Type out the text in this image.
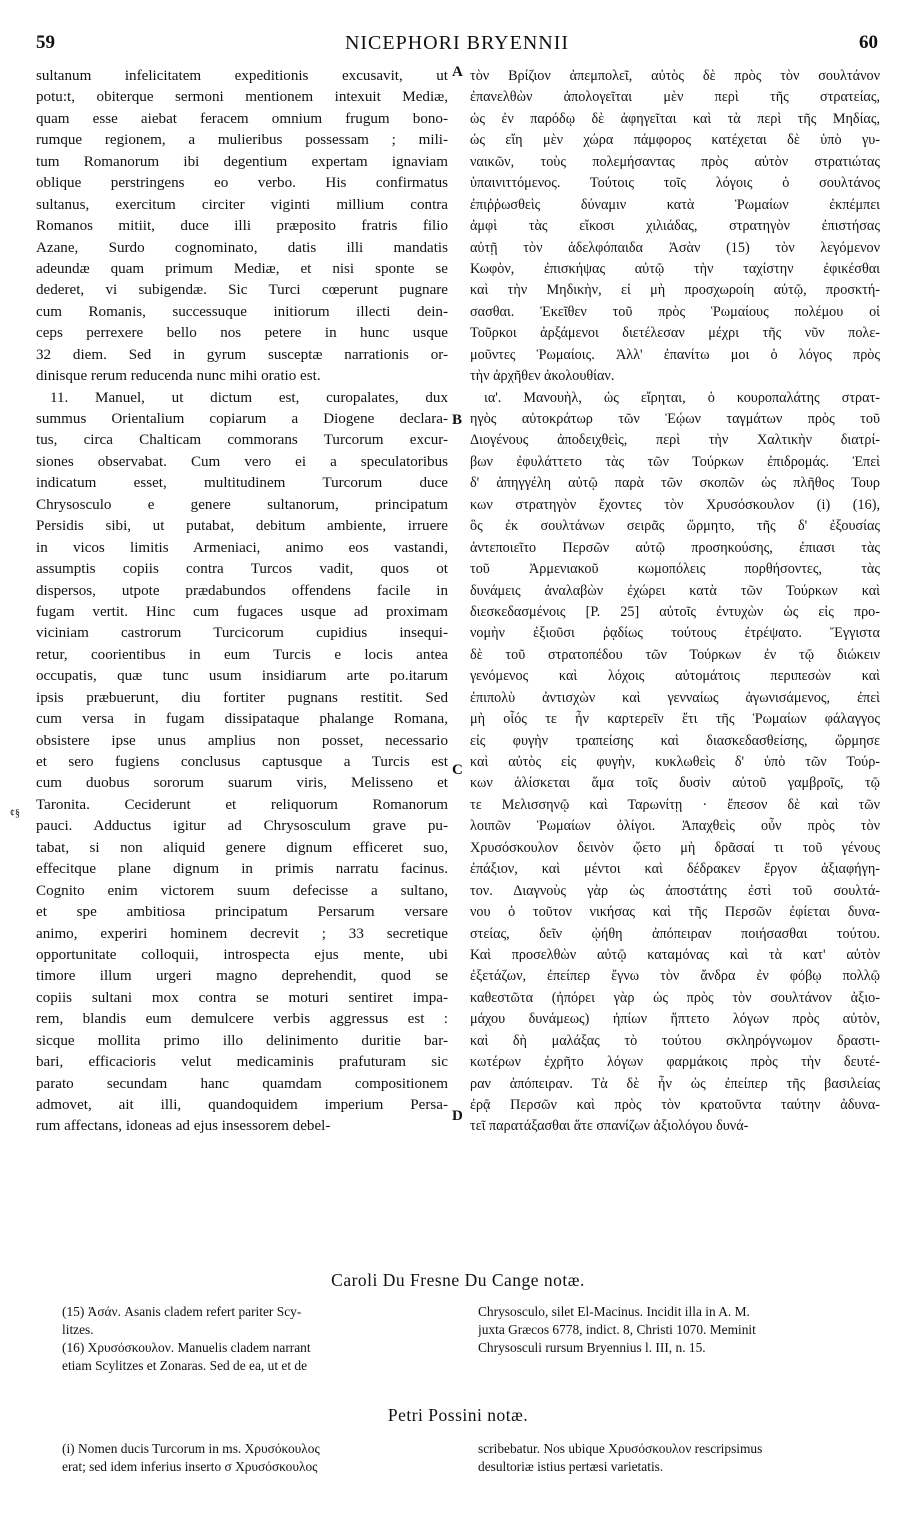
59	NICEPHORI BRYENNII	60
sultanum infelicitatem expeditionis excusavit, ut
potu:t, obiterque sermoni mentionem intexuit Mediæ,
quam esse aiebat feracem omnium frugum bono-
rumque regionem, a mulieribus possessam ; mili-
tum Romanorum ibi degentium expertam ignaviam
oblique perstringens eo verbo. His confirmatus
sultanus, exercitum circiter viginti millium contra
Romanos mitiit, duce illi præposito fratris filio
Azane, Surdo cognominato, datis illi mandatis
adeundæ quam primum Mediæ, et nisi sponte se
dederet, vi subigendæ. Sic Turci cœperunt pugnare
cum Romanis, successuque initiorum illecti dein-
ceps perrexere bello nos petere in hunc usque
32 diem. Sed in gyrum susceptæ narrationis or-
dinisque rerum reducenda nunc mihi oratio est.
11. Manuel, ut dictum est, curopalates, dux
summus Orientalium copiarum a Diogene declara-
tus, circa Chalticam commorans Turcorum excur-
siones observabat. Cum vero ei a speculatoribus
indicatum esset, multitudinem Turcorum duce
Chrysosculo e genere sultanorum, principatum
Persidis sibi, ut putabat, debitum ambiente, irruere
in vicos limitis Armeniaci, animo eos vastandi,
assumptis copiis contra Turcos vadit, quos ot
dispersos, utpote prædabundos offendens facile in
fugam vertit. Hinc cum fugaces usque ad proximam
viciniam castrorum Turcicorum cupidius insequi-
retur, coorientibus in eum Turcis e locis antea
occupatis, quæ tunc usum insidiarum arte po.itarum
ipsis præbuerunt, diu fortiter pugnans restitit. Sed
cum versa in fugam dissipataque phalange Romana,
obsistere ipse unus amplius non posset, necessario
et sero fugiens conclusus captusque a Turcis est
cum duobus sororum suarum viris, Melisseno et
Taronita. Ceciderunt et reliquorum Romanorum
pauci. Adductus igitur ad Chrysosculum grave pu-
tabat, si non aliquid genere dignum efficeret suo,
effecitque plane dignum in primis narratu facinus.
Cognito enim victorem suum defecisse a sultano,
et spe ambitiosa principatum Persarum versare
animo, experiri hominem decrevit ; 33 secretique
opportunitate colloquii, introspecta ejus mente, ubi
timore illum urgeri magno deprehendit, quod se
copiis sultani mox contra se moturi sentiret impa-
rem, blandis eum demulcere verbis aggressus est :
sicque mollita primo illo delinimento duritie bar-
bari, efficacioris velut medicaminis prafuturam sic
parato secundam hanc quamdam compositionem
admovet, ait illi, quandoquidem imperium Persa-
rum affectans, idoneas ad ejus insessorem debel-
τὸν Βρίζιον ἀπεμπολεῖ, αὐτὸς δὲ πρὸς τὸν σουλτάνον
ἐπανελθὼν ἀπολογεῖται μὲν περὶ τῆς στρατείας,
ὡς ἐν παρόδῳ δὲ ἀφηγεῖται καὶ τὰ περὶ τῆς Μηδίας,
ὡς εἴη μὲν χώρα πάμφορος κατέχεται δὲ ὑπὸ γυ-
ναικῶν, τοὺς πολεμήσαντας πρὸς αὐτὸν στρατιώτας
ὑπαινιττόμενος. Τούτοις τοῖς λόγοις ὁ σουλτάνος
ἐπιῤῥωσθεὶς δύναμιν κατὰ Ῥωμαίων ἐκπέμπει
ἀμφὶ τὰς εἴκοσι χιλιάδας, στρατηγὸν ἐπιστήσας
αὐτῇ τὸν ἀδελφόπαιδα Ἀσὰν (15) τὸν λεγόμενον
Κωφὸν, ἐπισκήψας αὐτῷ τὴν ταχίστην ἐφικέσθαι
καὶ τὴν Μηδικὴν, εἰ μὴ προσχωροίη αὐτῷ, προσκτή-
σασθαι. Ἐκεῖθεν τοῦ πρὸς Ῥωμαίους πολέμου οἱ
Τοῦρκοι ἀρξάμενοι διετέλεσαν μέχρι τῆς νῦν πολε-
μοῦντες Ῥωμαίοις. Ἀλλ' ἐπανίτω μοι ὁ λόγος πρὸς
τὴν ἀρχῆθεν ἀκολουθίαν.
ια'. Μανουὴλ, ὡς εἴρηται, ὁ κουροπαλάτης στρατ-
ηγὸς αὐτοκράτωρ τῶν Ἑῴων ταγμάτων πρὸς τοῦ
Διογένους ἀποδειχθεὶς, περὶ τὴν Χαλτικὴν διατρί-
βων ἐφυλάττετο τὰς τῶν Τούρκων ἐπιδρομάς. Ἐπεὶ
δ' ἀπηγγέλη αὐτῷ παρὰ τῶν σκοπῶν ὡς πλῆθος Τουρ
κων στρατηγὸν ἔχοντες τὸν Χρυσόσκουλον (i) (16),
ὃς ἐκ σουλτάνων σειρᾶς ὥρμητο, τῆς δ' ἐξουσίας
ἀντεποιεῖτο Περσῶν αὐτῷ προσηκούσης, ἐπιασι τὰς
τοῦ Ἀρμενιακοῦ κωμοπόλεις πορθήσοντες, τὰς
δυνάμεις ἀναλαβὼν ἐχώρει κατὰ τῶν Τούρκων καὶ
διεσκεδασμένοις [P. 25] αὐτοῖς ἐντυχὼν ὡς εἰς προ-
νομὴν ἐξιοῦσι ῥᾳδίως τούτους ἐτρέψατο. Ἔγγιστα
δὲ τοῦ στρατοπέδου τῶν Τούρκων ἐν τῷ διώκειν
γενόμενος καὶ λόχοις αὐτομάτοις περιπεσὼν καὶ
ἐπιπολὺ ἀντισχὼν καὶ γενναίως ἀγωνισάμενος, ἐπεὶ
μὴ οἷός τε ἦν καρτερεῖν ἔτι τῆς Ῥωμαίων φάλαγγος
εἰς φυγὴν τραπείσης καὶ διασκεδασθείσης, ὥρμησε
καὶ αὐτὸς εἰς φυγὴν, κυκλωθεὶς δ' ὑπὸ τῶν Τούρ-
κων ἁλίσκεται ἅμα τοῖς δυσὶν αὐτοῦ γαμβροῖς, τῷ
τε Μελισσηνῷ καὶ Ταρωνίτῃ · ἔπεσον δὲ καὶ τῶν
λοιπῶν Ῥωμαίων ὀλίγοι. Ἀπαχθεὶς οὖν πρὸς τὸν
Χρυσόσκουλον δεινὸν ᾤετο μὴ δρᾶσαί τι τοῦ γένους
ἐπάξιον, καὶ μέντοι καὶ δέδρακεν ἔργον ἀξιαφήγη-
τον. Διαγνοὺς γὰρ ὡς ἀποστάτης ἐστὶ τοῦ σουλτά-
νου ὁ τοῦτον νικήσας καὶ τῆς Περσῶν ἐφίεται δυνα-
στείας, δεῖν ᾠήθη ἀπόπειραν ποιήσασθαι τούτου.
Καὶ προσελθὼν αὐτῷ καταμόνας καὶ τὰ κατ' αὐτὸν
ἐξετάζων, ἐπείπερ ἔγνω τὸν ἄνδρα ἐν φόβῳ πολλῷ
καθεστῶτα (ἠπόρει γὰρ ὡς πρὸς τὸν σουλτάνον ἀξιο-
μάχου δυνάμεως) ἠπίων ἥπτετο λόγων πρὸς αὐτὸν,
καὶ δὴ μαλάξας τὸ τούτου σκληρόγνωμον δραστι-
κωτέρων ἐχρῆτο λόγων φαρμάκοις πρὸς τὴν δευτέ-
ραν ἀπόπειραν. Τὰ δὲ ἦν ὡς ἐπείπερ τῆς βασιλείας
ἐρᾷ Περσῶν καὶ πρὸς τὸν κρατοῦντα ταύτην ἀδυνα-
τεῖ παρατάξασθαι ἅτε σπανίζων ἀξιολόγου δυνά-
A
B
C
D
¢§
Caroli Du Fresne Du Cange notæ.
(15) Ἀσάν. Asanis cladem refert pariter Scy-
litzes.
(16) Χρυσόσκουλον. Manuelis cladem narrant
etiam Scylitzes et Zonaras. Sed de ea, ut et de
Chrysosculo, silet El-Macinus. Incidit illa in A. M.
juxta Græcos 6778, indict. 8, Christi 1070. Meminit
Chrysosculi rursum Bryennius l. III, n. 15.
Petri Possini notæ.
(i) Nomen ducis Turcorum in ms. Χρυσόκουλος
erat; sed idem inferius inserto σ Χρυσόσκουλος
scribebatur. Nos ubique Χρυσόσκουλον rescripsimus
desultoriæ istius pertæsi varietatis.
